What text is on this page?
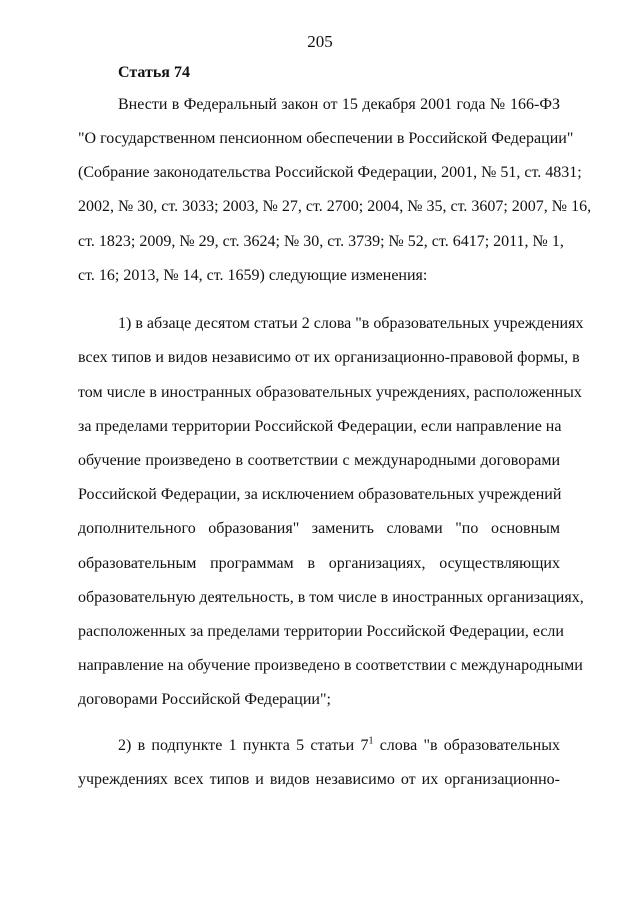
205
Статья 74
Внести в Федеральный закон от 15 декабря 2001 года № 166-ФЗ
"О государственном пенсионном обеспечении в Российской Федерации"
(Собрание законодательства Российской Федерации, 2001, № 51, ст. 4831;
2002, № 30, ст. 3033; 2003, № 27, ст. 2700; 2004, № 35, ст. 3607; 2007, № 16,
ст. 1823; 2009, № 29, ст. 3624; № 30, ст. 3739; № 52, ст. 6417; 2011, № 1,
ст. 16; 2013, № 14, ст. 1659) следующие изменения:
1) в абзаце десятом статьи 2 слова "в образовательных учреждениях
всех типов и видов независимо от их организационно-правовой формы, в
том числе в иностранных образовательных учреждениях, расположенных
за пределами территории Российской Федерации, если направление на
обучение произведено в соответствии с международными договорами
Российской Федерации, за исключением образовательных учреждений
дополнительного образования" заменить словами "по основным
образовательным программам в организациях, осуществляющих
образовательную деятельность, в том числе в иностранных организациях,
расположенных за пределами территории Российской Федерации, если
направление на обучение произведено в соответствии с международными
договорами Российской Федерации";
2) в подпункте 1 пункта 5 статьи $7^1$ слова "в образовательных
учреждениях всех типов и видов независимо от их организационно-
